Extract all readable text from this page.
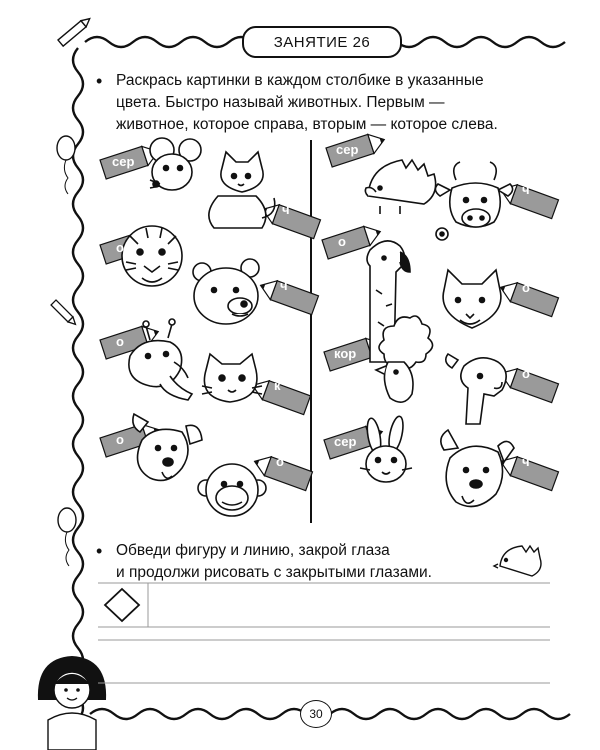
ЗАНЯТИЕ 26
• Раскрась картинки в каждом столбике в указанные
цвета. Быстро называй животных. Первым —
животное, которое справа, вторым — которое слева.
сер
ч
о
ч
о
к
о
о
сер
ч
о
о
кор
о
сер
ч
• Обведи фигуру и линию, закрой глаза
и продолжи рисовать с закрытыми глазами.
30
